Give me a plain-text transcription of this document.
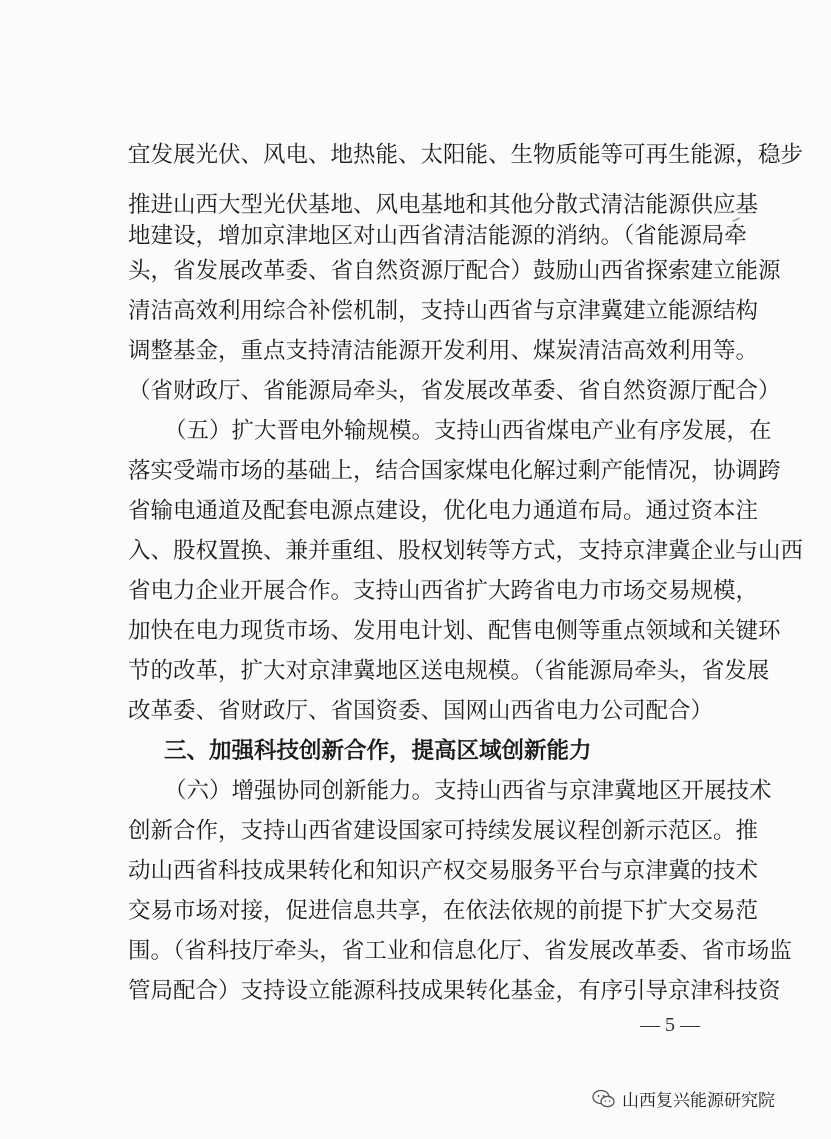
宜发展光伏、风电、地热能、太阳能、生物质能等可再生能源，稳步
推进山西大型光伏基地、风电基地和其他分散式清洁能源供应基
地建设，增加京津地区对山西省清洁能源的消纳。（省能源局牵
头，省发展改革委、省自然资源厅配合）鼓励山西省探索建立能源
清洁高效利用综合补偿机制，支持山西省与京津冀建立能源结构
调整基金，重点支持清洁能源开发利用、煤炭清洁高效利用等。
（省财政厅、省能源局牵头，省发展改革委、省自然资源厅配合）
（五）扩大晋电外输规模。支持山西省煤电产业有序发展，在
落实受端市场的基础上，结合国家煤电化解过剩产能情况，协调跨
省输电通道及配套电源点建设，优化电力通道布局。通过资本注
入、股权置换、兼并重组、股权划转等方式，支持京津冀企业与山西
省电力企业开展合作。支持山西省扩大跨省电力市场交易规模，
加快在电力现货市场、发用电计划、配售电侧等重点领域和关键环
节的改革，扩大对京津冀地区送电规模。（省能源局牵头，省发展
改革委、省财政厅、省国资委、国网山西省电力公司配合）
三、加强科技创新合作，提高区域创新能力
（六）增强协同创新能力。支持山西省与京津冀地区开展技术
创新合作，支持山西省建设国家可持续发展议程创新示范区。推
动山西省科技成果转化和知识产权交易服务平台与京津冀的技术
交易市场对接，促进信息共享，在依法依规的前提下扩大交易范
围。（省科技厅牵头，省工业和信息化厅、省发展改革委、省市场监
管局配合）支持设立能源科技成果转化基金，有序引导京津科技资
— 5 —
山西复兴能源研究院
